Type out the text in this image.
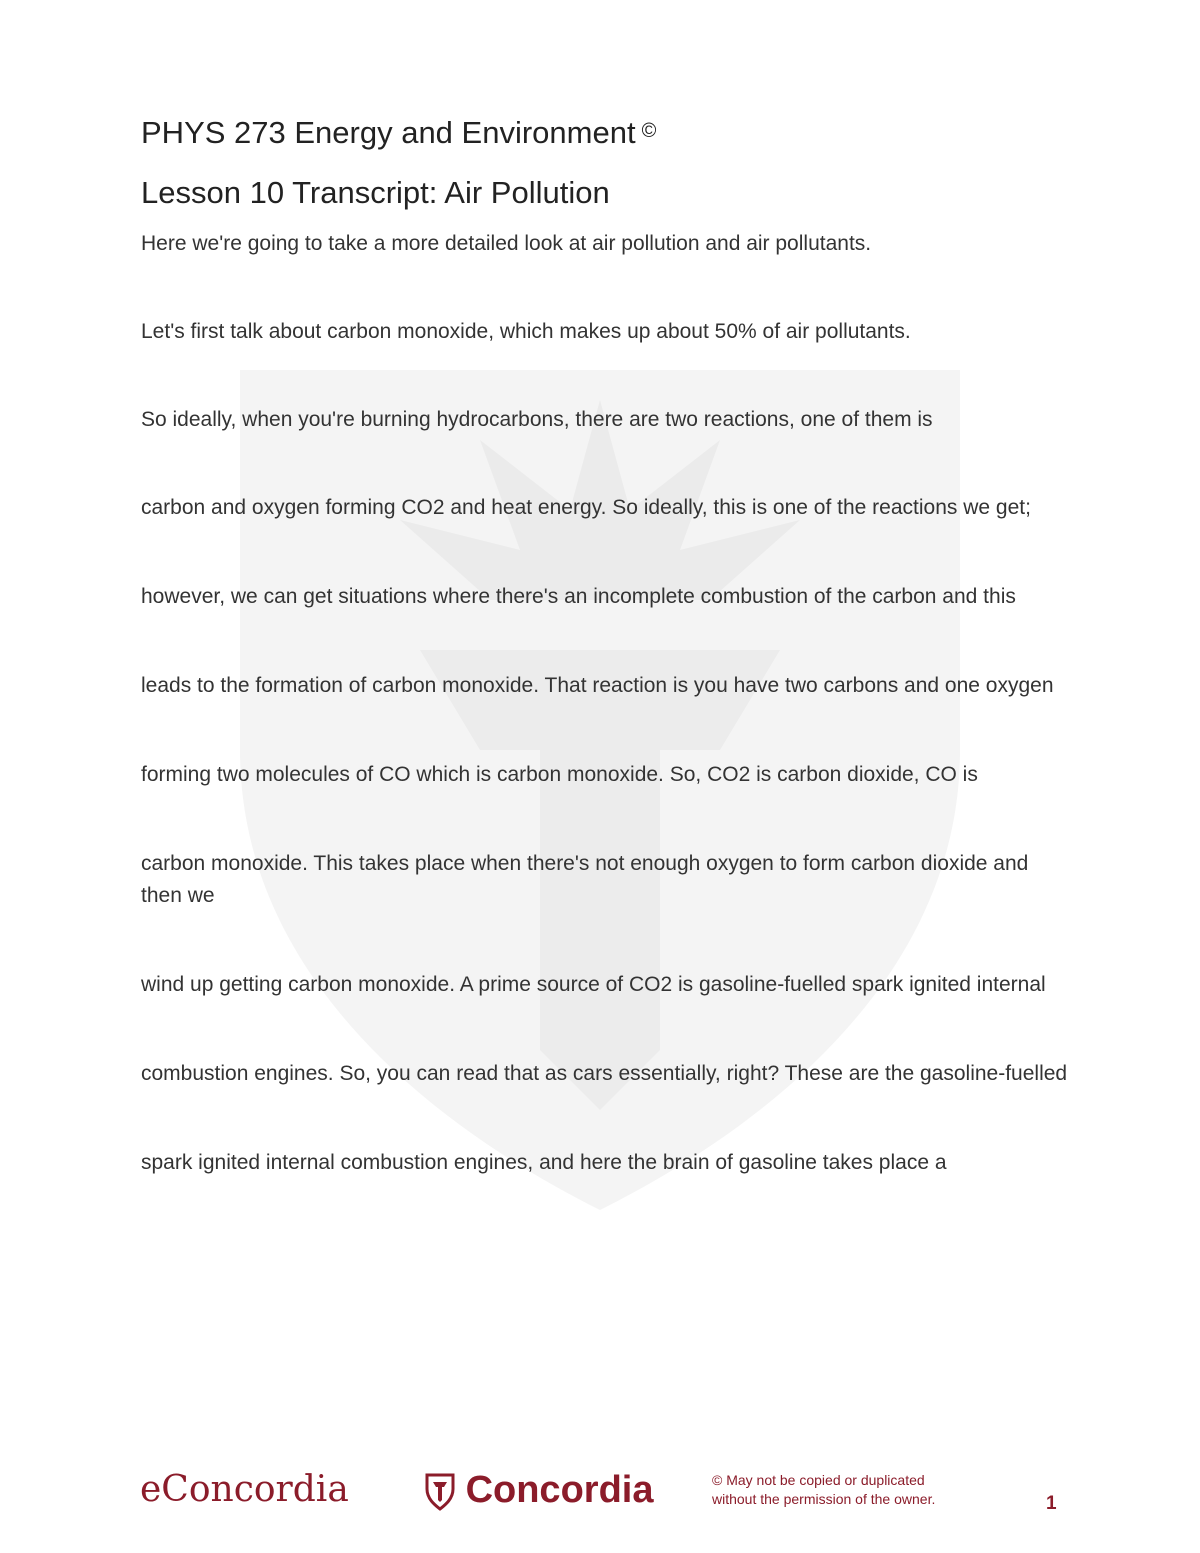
PHYS 273 Energy and Environment ©
Lesson 10 Transcript: Air Pollution

Here we're going to take a more detailed look at air pollution and air pollutants.

Let's first talk about carbon monoxide, which makes up about 50% of air pollutants.

So ideally, when you're burning hydrocarbons, there are two reactions, one of them is

carbon and oxygen forming CO2 and heat energy. So ideally, this is one of the reactions we get;

however, we can get situations where there's an incomplete combustion of the carbon and this

leads to the formation of carbon monoxide. That reaction is you have two carbons and one oxygen

forming two molecules of CO which is carbon monoxide. So, CO2 is carbon dioxide, CO is

carbon monoxide. This takes place when there's not enough oxygen to form carbon dioxide and then we

wind up getting carbon monoxide. A prime source of CO2 is gasoline-fuelled spark ignited internal

combustion engines. So, you can read that as cars essentially, right? These are the gasoline-fuelled

spark ignited internal combustion engines, and here the brain of gasoline takes place a

eConcordia	Concordia	© May not be copied or duplicated
without the permission of the owner.	1
